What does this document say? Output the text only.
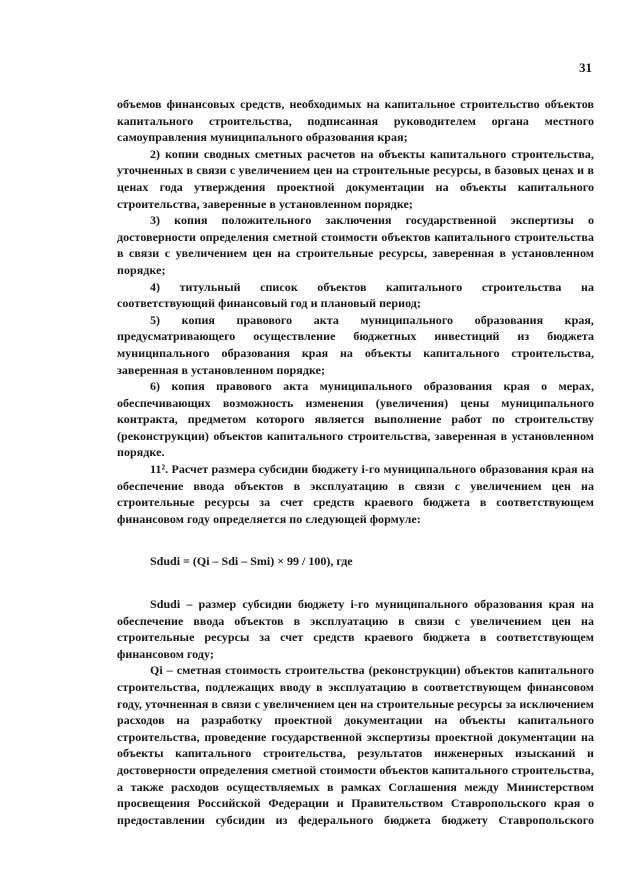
31

объемов финансовых средств, необходимых на капитальное строительство объектов капитального строительства, подписанная руководителем органа местного самоуправления муниципального образования края;

2) копии сводных сметных расчетов на объекты капитального строительства, уточненных в связи с увеличением цен на строительные ресурсы, в базовых ценах и в ценах года утверждения проектной документации на объекты капитального строительства, заверенные в установленном порядке;

3) копия положительного заключения государственной экспертизы о достоверности определения сметной стоимости объектов капитального строительства в связи с увеличением цен на строительные ресурсы, заверенная в установленном порядке;

4) титульный список объектов капитального строительства на соответствующий финансовый год и плановый период;

5) копия правового акта муниципального образования края, предусматривающего осуществление бюджетных инвестиций из бюджета муниципального образования края на объекты капитального строительства, заверенная в установленном порядке;

6) копия правового акта муниципального образования края о мерах, обеспечивающих возможность изменения (увеличения) цены муниципального контракта, предметом которого является выполнение работ по строительству (реконструкции) объектов капитального строительства, заверенная в установленном порядке.

11². Расчет размера субсидии бюджету i-го муниципального образования края на обеспечение ввода объектов в эксплуатацию в связи с увеличением цен на строительные ресурсы за счет средств краевого бюджета в соответствующем финансовом году определяется по следующей формуле:

Sdudi = (Qi – Sdi – Smi) × 99 / 100), где

Sdudi – размер субсидии бюджету i-го муниципального образования края на обеспечение ввода объектов в эксплуатацию в связи с увеличением цен на строительные ресурсы за счет средств краевого бюджета в соответствующем финансовом году;

Qi – сметная стоимость строительства (реконструкции) объектов капитального строительства, подлежащих вводу в эксплуатацию в соответствующем финансовом году, уточненная в связи с увеличением цен на строительные ресурсы за исключением расходов на разработку проектной документации на объекты капитального строительства, проведение государственной экспертизы проектной документации на объекты капитального строительства, результатов инженерных изысканий и достоверности определения сметной стоимости объектов капитального строительства, а также расходов осуществляемых в рамках Соглашения между Министерством просвещения Российской Федерации и Правительством Ставропольского края о предоставлении субсидии из федерального бюджета бюджету Ставропольского
